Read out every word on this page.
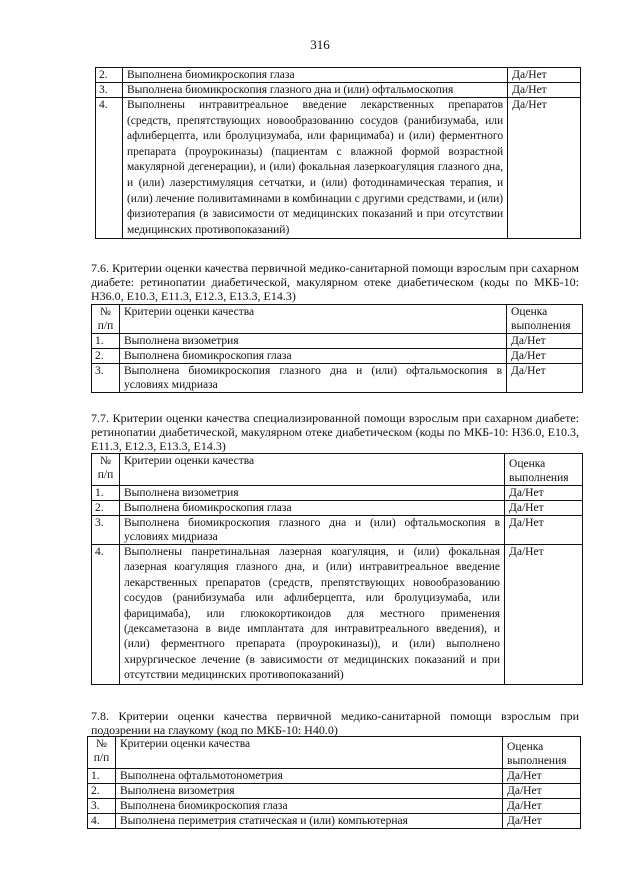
316
2.	Выполнена биомикроскопия глаза	Да/Нет
3.	Выполнена биомикроскопия глазного дна и (или) офтальмоскопия	Да/Нет
4.	Выполнены интравитреальное введение лекарственных препаратов (средств, препятствующих новообразованию сосудов (ранибизумаба, или афлиберцепта, или бролуцизумаба, или фарицимаба) и (или) ферментного препарата (проурокиназы) (пациентам с влажной формой возрастной макулярной дегенерации), и (или) фокальная лазеркоагуляция глазного дна, и (или) лазерстимуляция сетчатки, и (или) фотодинамическая терапия, и (или) лечение поливитаминами в комбинации с другими средствами, и (или) физиотерапия (в зависимости от медицинских показаний и при отсутствии медицинских противопоказаний)	Да/Нет
7.6. Критерии оценки качества первичной медико-санитарной помощи взрослым при сахарном диабете: ретинопатии диабетической, макулярном отеке диабетическом (коды по МКБ-10: H36.0, E10.3, E11.3, E12.3, E13.3, E14.3)
№ п/п	Критерии оценки качества	Оценка выполнения
1.	Выполнена визометрия	Да/Нет
2.	Выполнена биомикроскопия глаза	Да/Нет
3.	Выполнена биомикроскопия глазного дна и (или) офтальмоскопия в условиях мидриаза	Да/Нет
7.7. Критерии оценки качества специализированной помощи взрослым при сахарном диабете: ретинопатии диабетической, макулярном отеке диабетическом (коды по МКБ-10: H36.0, E10.3, E11.3, E12.3, E13.3, E14.3)
№ п/п	Критерии оценки качества	Оценка выполнения
1.	Выполнена визометрия	Да/Нет
2.	Выполнена биомикроскопия глаза	Да/Нет
3.	Выполнена биомикроскопия глазного дна и (или) офтальмоскопия в условиях мидриаза	Да/Нет
4.	Выполнены панретинальная лазерная коагуляция, и (или) фокальная лазерная коагуляция глазного дна, и (или) интравитреальное введение лекарственных препаратов (средств, препятствующих новообразованию сосудов (ранибизумаба или афлиберцепта, или бролуцизумаба, или фарицимаба), или глюкокортикоидов для местного применения (дексаметазона в виде имплантата для интравитреального введения), и (или) ферментного препарата (проурокиназы)), и (или) выполнено хирургическое лечение (в зависимости от медицинских показаний и при отсутствии медицинских противопоказаний)	Да/Нет
7.8. Критерии оценки качества первичной медико-санитарной помощи взрослым при подозрении на глаукому (код по МКБ-10: H40.0)
№ п/п	Критерии оценки качества	Оценка выполнения
1.	Выполнена офтальмотонометрия	Да/Нет
2.	Выполнена визометрия	Да/Нет
3.	Выполнена биомикроскопия глаза	Да/Нет
4.	Выполнена периметрия статическая и (или) компьютерная	Да/Нет
